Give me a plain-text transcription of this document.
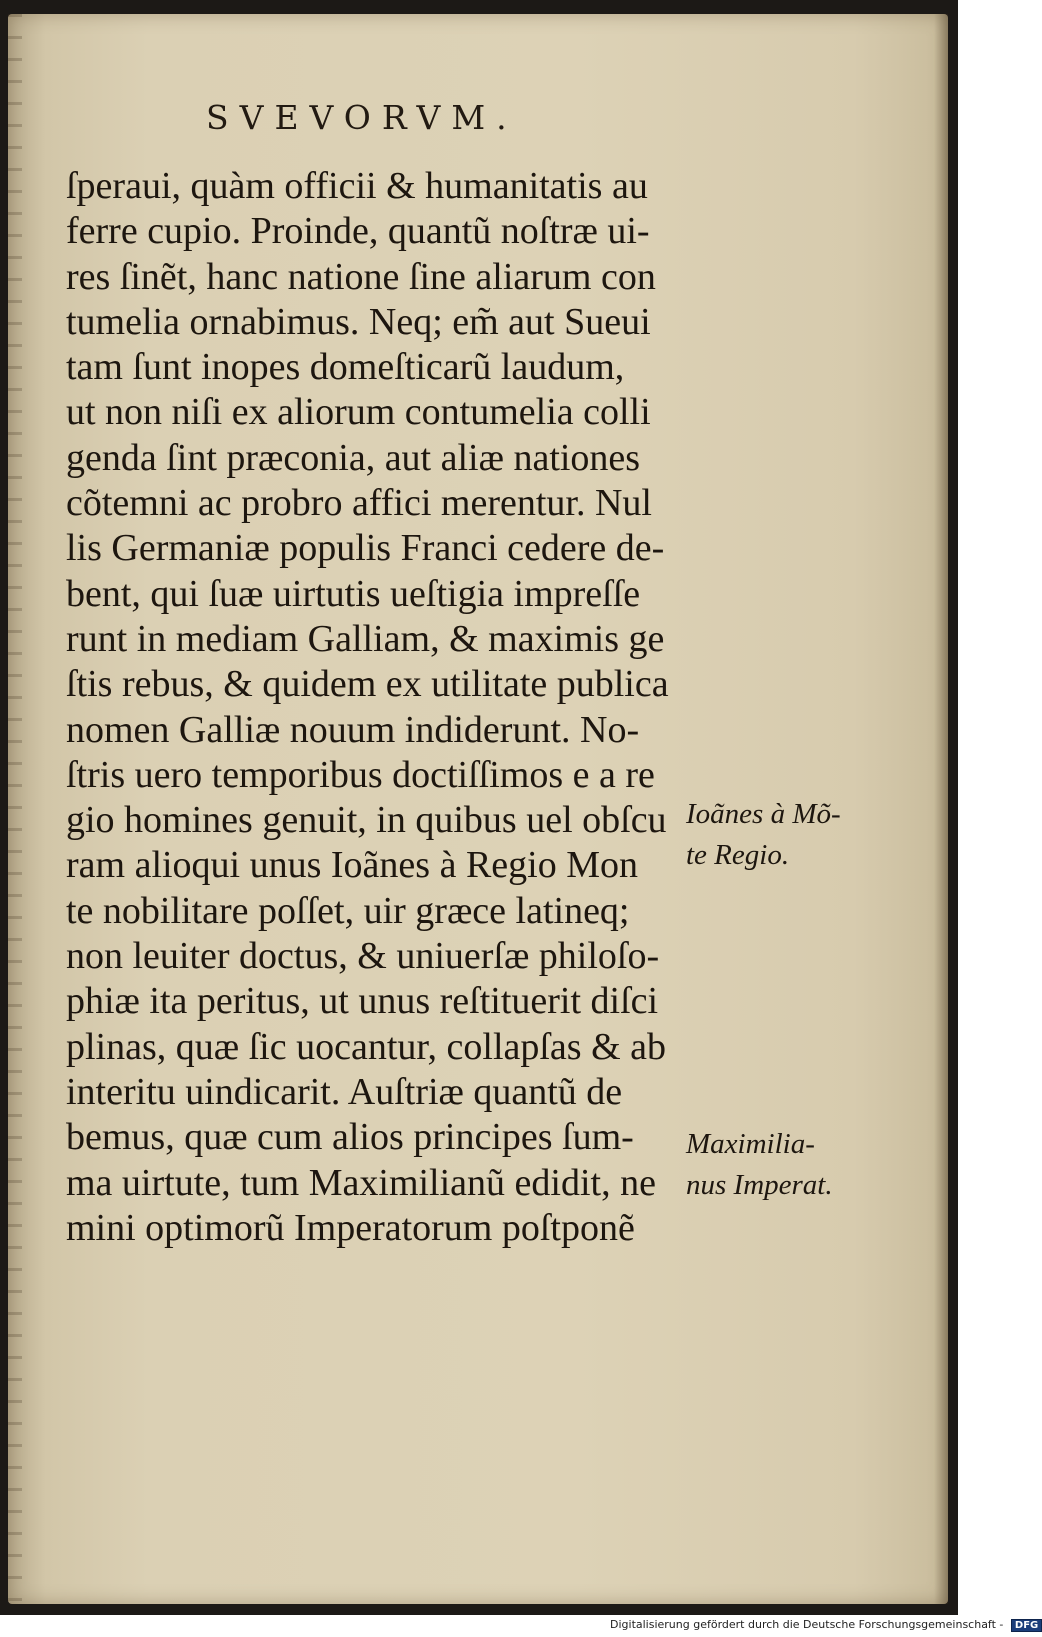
SVEVORVM.
ſperaui, quàm officii & humanitatis au
ferre cupio. Proinde, quantũ noſtræ ui-
res ſinẽt, hanc natione ſine aliarum con
tumelia ornabimus. Neq; em̃ aut Sueui
tam ſunt inopes domeſticarũ laudum,
ut non niſi ex aliorum contumelia colli
genda ſint præconia, aut aliæ nationes
cõtemni ac probro affici merentur. Nul
lis Germaniæ populis Franci cedere de-
bent, qui ſuæ uirtutis ueſtigia impreſſe
runt in mediam Galliam, & maximis ge
ſtis rebus, & quidem ex utilitate publica
nomen Galliæ nouum indiderunt. No-
ſtris uero temporibus doctiſſimos e a re
gio homines genuit, in quibus uel obſcu
ram alioqui unus Ioãnes à Regio Mon
te nobilitare poſſet, uir græce latineq;
non leuiter doctus, & uniuerſæ philoſo-
phiæ ita peritus, ut unus reſtituerit diſci
plinas, quæ ſic uocantur, collapſas & ab
interitu uindicarit. Auſtriæ quantũ de
bemus, quæ cum alios principes ſum-
ma uirtute, tum Maximilianũ edidit, ne
mini optimorũ Imperatorum poſtponẽ
Ioãnes à Mõ-
te Regio.
Maximilia-
nus Imperat.
Digitalisierung gefördert durch die Deutsche Forschungsgemeinschaft - DFG
